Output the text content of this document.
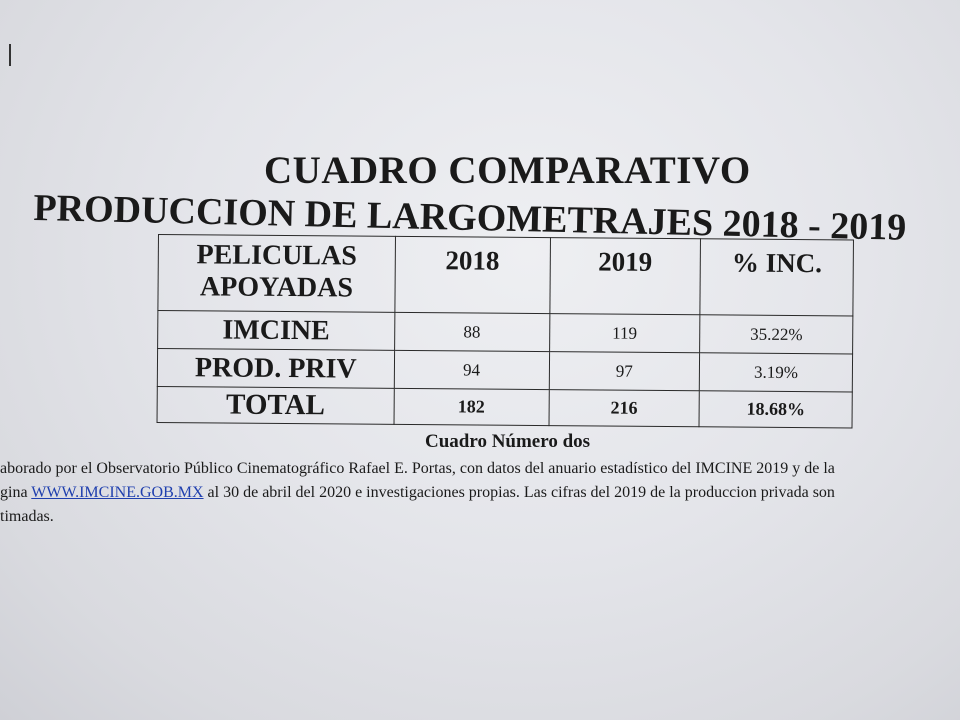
CUADRO COMPARATIVO
PRODUCCION DE LARGOMETRAJES 2018 - 2019
PELICULAS
APOYADAS	2018	2019	% INC.
IMCINE	88	119	35.22%
PROD. PRIV	94	97	3.19%
TOTAL	182	216	18.68%

Cuadro Número dos

aborado por el Observatorio Público Cinematográfico Rafael E. Portas, con datos del anuario estadístico del IMCINE 2019 y de la
gina WWW.IMCINE.GOB.MX al 30 de abril del 2020 e investigaciones propias. Las cifras del 2019 de la produccion privada son
timadas.
